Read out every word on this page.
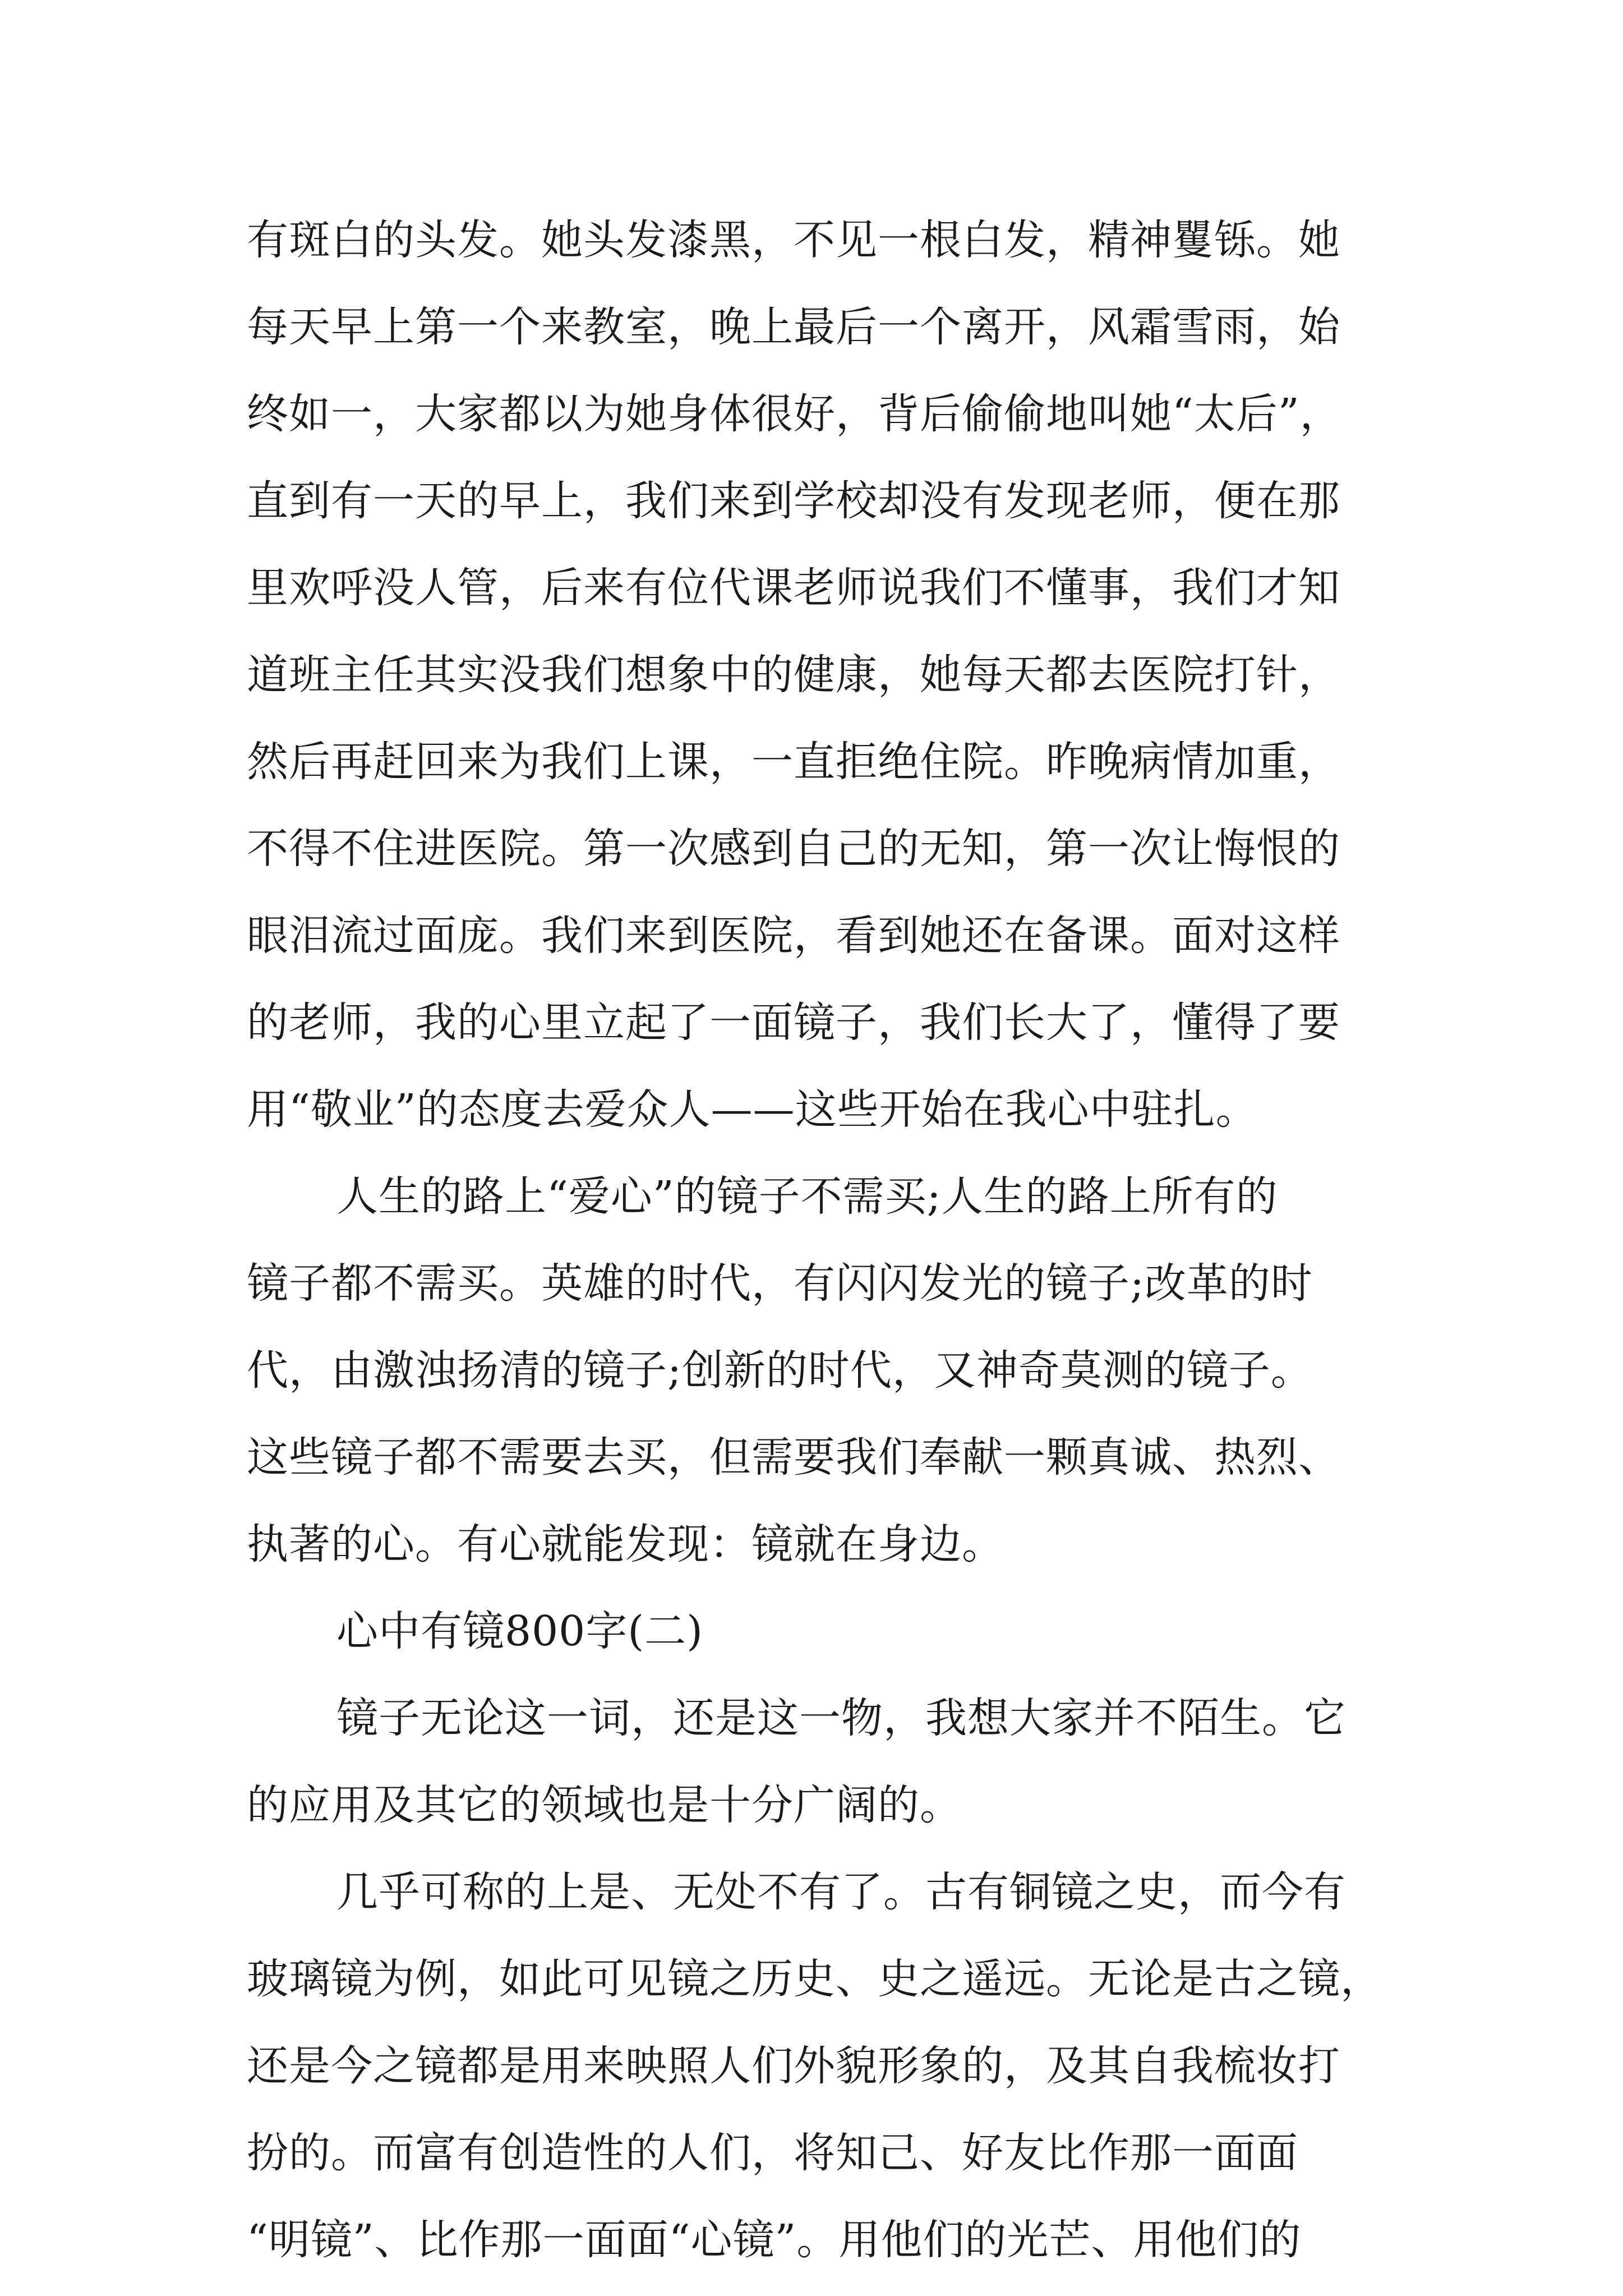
有斑白的头发。她头发漆黑，不见一根白发，精神矍铄。她
每天早上第一个来教室，晚上最后一个离开，风霜雪雨，始
终如一，大家都以为她身体很好，背后偷偷地叫她“太后”，
直到有一天的早上，我们来到学校却没有发现老师，便在那
里欢呼没人管，后来有位代课老师说我们不懂事，我们才知
道班主任其实没我们想象中的健康，她每天都去医院打针，
然后再赶回来为我们上课，一直拒绝住院。昨晚病情加重，
不得不住进医院。第一次感到自己的无知，第一次让悔恨的
眼泪流过面庞。我们来到医院，看到她还在备课。面对这样
的老师，我的心里立起了一面镜子，我们长大了，懂得了要
用“敬业”的态度去爱众人——这些开始在我心中驻扎。
人生的路上“爱心”的镜子不需买;人生的路上所有的
镜子都不需买。英雄的时代，有闪闪发光的镜子;改革的时
代，由激浊扬清的镜子;创新的时代，又神奇莫测的镜子。
这些镜子都不需要去买，但需要我们奉献一颗真诚、热烈、
执著的心。有心就能发现：镜就在身边。
心中有镜800字(二)
镜子无论这一词，还是这一物，我想大家并不陌生。它
的应用及其它的领域也是十分广阔的。
几乎可称的上是、无处不有了。古有铜镜之史，而今有
玻璃镜为例，如此可见镜之历史、史之遥远。无论是古之镜，
还是今之镜都是用来映照人们外貌形象的，及其自我梳妆打
扮的。而富有创造性的人们，将知己、好友比作那一面面
“明镜”、比作那一面面“心镜”。用他们的光芒、用他们的
